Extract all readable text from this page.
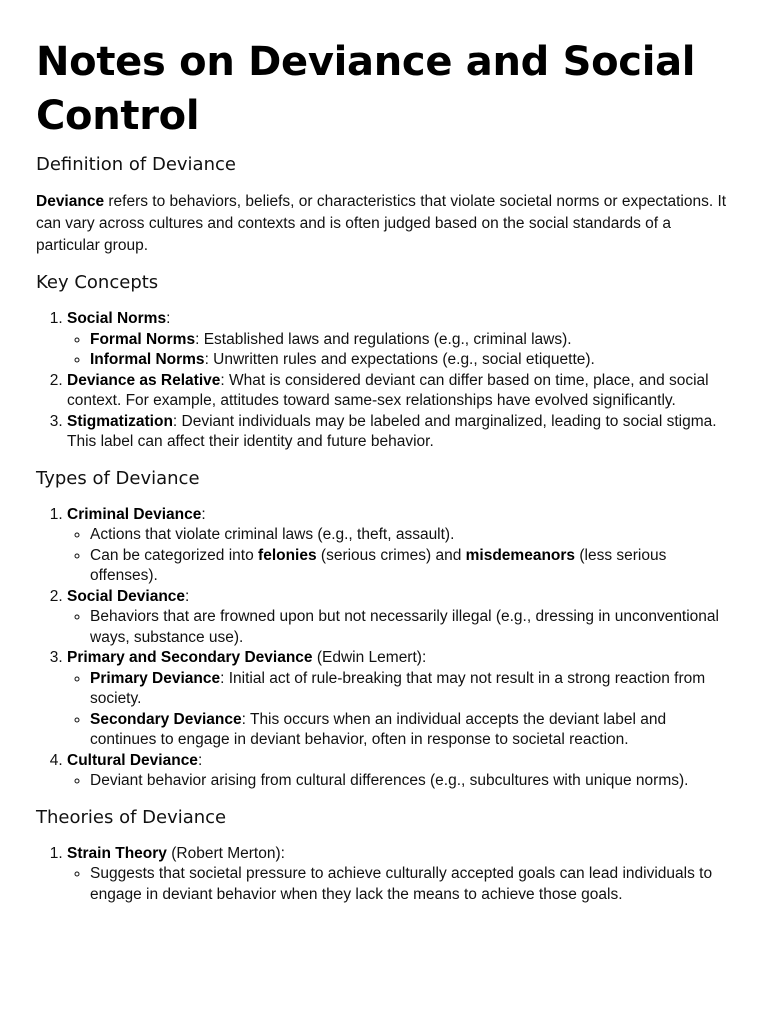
Notes on Deviance and Social Control
Definition of Deviance

Deviance refers to behaviors, beliefs, or characteristics that violate societal norms or expectations. It can vary across cultures and contexts and is often judged based on the social standards of a particular group.

Key Concepts
1. Social Norms:
◦ Formal Norms: Established laws and regulations (e.g., criminal laws).
◦ Informal Norms: Unwritten rules and expectations (e.g., social etiquette).
2. Deviance as Relative: What is considered deviant can differ based on time, place, and social context. For example, attitudes toward same-sex relationships have evolved significantly.
3. Stigmatization: Deviant individuals may be labeled and marginalized, leading to social stigma. This label can affect their identity and future behavior.
Types of Deviance
1. Criminal Deviance:
◦ Actions that violate criminal laws (e.g., theft, assault).
◦ Can be categorized into felonies (serious crimes) and misdemeanors (less serious offenses).
2. Social Deviance:
◦ Behaviors that are frowned upon but not necessarily illegal (e.g., dressing in unconventional ways, substance use).
3. Primary and Secondary Deviance (Edwin Lemert):
◦ Primary Deviance: Initial act of rule-breaking that may not result in a strong reaction from society.
◦ Secondary Deviance: This occurs when an individual accepts the deviant label and continues to engage in deviant behavior, often in response to societal reaction.
4. Cultural Deviance:
◦ Deviant behavior arising from cultural differences (e.g., subcultures with unique norms).
Theories of Deviance
1. Strain Theory (Robert Merton):
◦ Suggests that societal pressure to achieve culturally accepted goals can lead individuals to engage in deviant behavior when they lack the means to achieve those goals.
